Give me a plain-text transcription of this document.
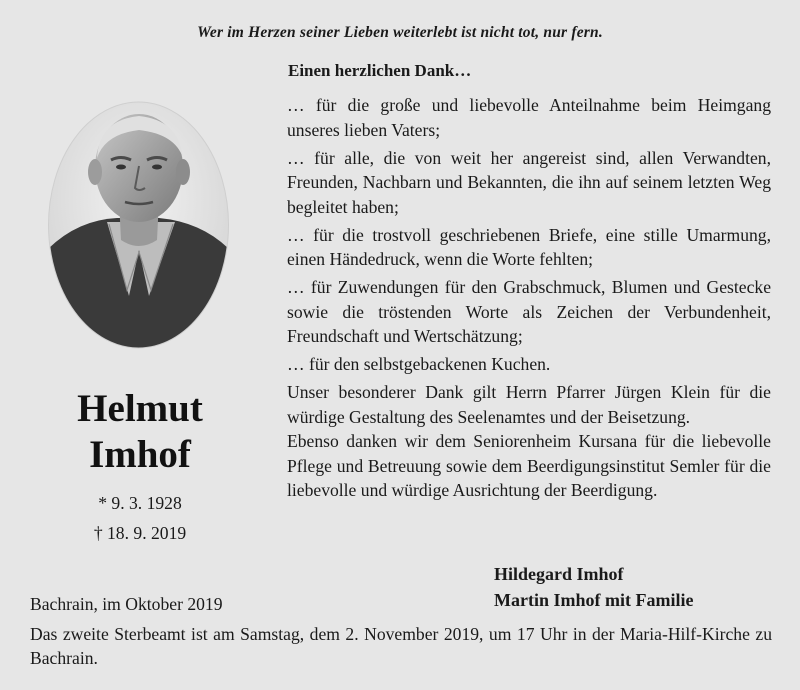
Wer im Herzen seiner Lieben weiterlebt ist nicht tot, nur fern.
Einen herzlichen Dank…

… für die große und liebevolle Anteilnahme beim Heimgang unseres lieben Vaters;

… für alle, die von weit her angereist sind, allen Verwandten, Freunden, Nachbarn und Bekannten, die ihn auf seinem letzten Weg begleitet haben;

… für die trostvoll geschriebenen Briefe, eine stille Umarmung, einen Händedruck, wenn die Worte fehlten;

… für Zuwendungen für den Grabschmuck, Blumen und Gestecke sowie die tröstenden Worte als Zeichen der Verbundenheit, Freundschaft und Wertschätzung;

… für den selbstgebackenen Kuchen.

Unser besonderer Dank gilt Herrn Pfarrer Jürgen Klein für die würdige Gestaltung des Seelenamtes und der Beisetzung.

Ebenso danken wir dem Seniorenheim Kursana für die liebevolle Pflege und Betreuung sowie dem Beerdigungsinstitut Semler für die liebevolle und würdige Ausrichtung der Beerdigung.

Helmut
Imhof
* 9. 3. 1928
† 18. 9. 2019
Hildegard Imhof
Martin Imhof mit Familie
Bachrain, im Oktober 2019
Das zweite Sterbeamt ist am Samstag, dem 2. November 2019, um 17 Uhr in der Maria-Hilf-Kirche zu Bachrain.
